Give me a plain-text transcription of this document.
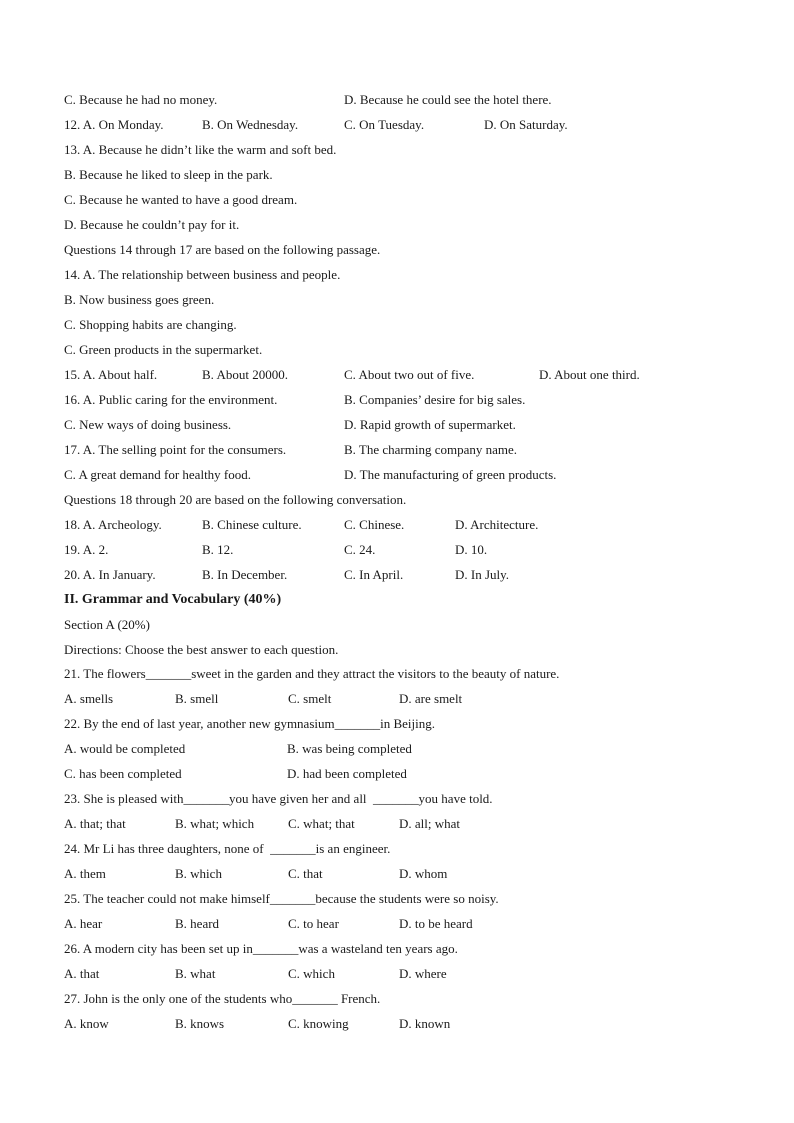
C. Because he had no money.	D. Because he could see the hotel there.
12. A. On Monday.	B. On Wednesday.	C. On Tuesday.	D. On Saturday.
13. A. Because he didn’t like the warm and soft bed.
B. Because he liked to sleep in the park.
C. Because he wanted to have a good dream.
D. Because he couldn’t pay for it.
Questions 14 through 17 are based on the following passage.
14. A. The relationship between business and people.
B. Now business goes green.
C. Shopping habits are changing.
C. Green products in the supermarket.
15. A. About half.	B. About 20000.	C. About two out of five.	D. About one third.
16. A. Public caring for the environment.	B. Companies’ desire for big sales.
C. New ways of doing business.	D. Rapid growth of supermarket.
17. A. The selling point for the consumers.	B. The charming company name.
C. A great demand for healthy food.	D. The manufacturing of green products.
Questions 18 through 20 are based on the following conversation.
18. A. Archeology.	B. Chinese culture.	C. Chinese.	D. Architecture.
19. A. 2.	B. 12.	C. 24.	D. 10.
20. A. In January.	B. In December.	C. In April.	D. In July.
II. Grammar and Vocabulary (40%)
Section A (20%)
Directions: Choose the best answer to each question.
21. The flowers_______sweet in the garden and they attract the visitors to the beauty of nature.
A. smells	B. smell	C. smelt	D. are smelt
22. By the end of last year, another new gymnasium_______in Beijing.
A. would be completed	B. was being completed
C. has been completed	D. had been completed
23. She is pleased with_______you have given her and all  _______you have told.
A. that; that	B. what; which	C. what; that	D. all; what
24. Mr Li has three daughters, none of  _______is an engineer.
A. them	B. which	C. that	D. whom
25. The teacher could not make himself_______because the students were so noisy.
A. hear	B. heard	C. to hear	D. to be heard
26. A modern city has been set up in_______was a wasteland ten years ago.
A. that	B. what	C. which	D. where
27. John is the only one of the students who_______ French.
A. know	B. knows	C. knowing	D. known
